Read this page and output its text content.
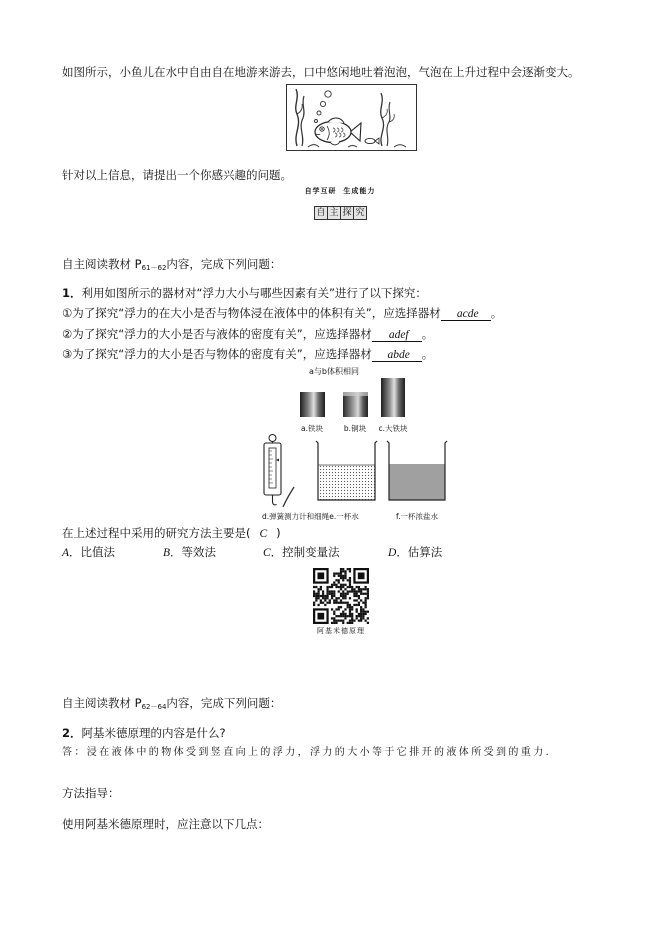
如图所示，小鱼儿在水中自由自在地游来游去，口中悠闲地吐着泡泡，气泡在上升过程中会逐渐变大。
针对以上信息，请提出一个你感兴趣的问题。
自学互研  生成能力
自 主 探 究
自主阅读教材 $P_{61-62}$内容，完成下列问题：
1．利用如图所示的器材对“浮力大小与哪些因素有关”进行了以下探究：
①为了探究“浮力的在大小是否与物体浸在液体中的体积有关”，应选择器材 acde 。
②为了探究“浮力的大小是否与液体的密度有关”，应选择器材 adef 。
③为了探究“浮力的大小是否与物体的密度有关”，应选择器材 abde 。
a与b体积相同
a.铁块	b.铜块 c.大铁块
d.弹簧测力计和细绳 e.一杯水	f.一杯浓盐水
在上述过程中采用的研究方法主要是( C )
A．比值法	B．等效法	C．控制变量法	D．估算法
阿基米德原理
自主阅读教材 $P_{62-64}$内容，完成下列问题：
2．阿基米德原理的内容是什么?
答：浸在液体中的物体受到竖直向上的浮力，浮力的大小等于它排开的液体所受到的重力．
方法指导：
使用阿基米德原理时，应注意以下几点：
